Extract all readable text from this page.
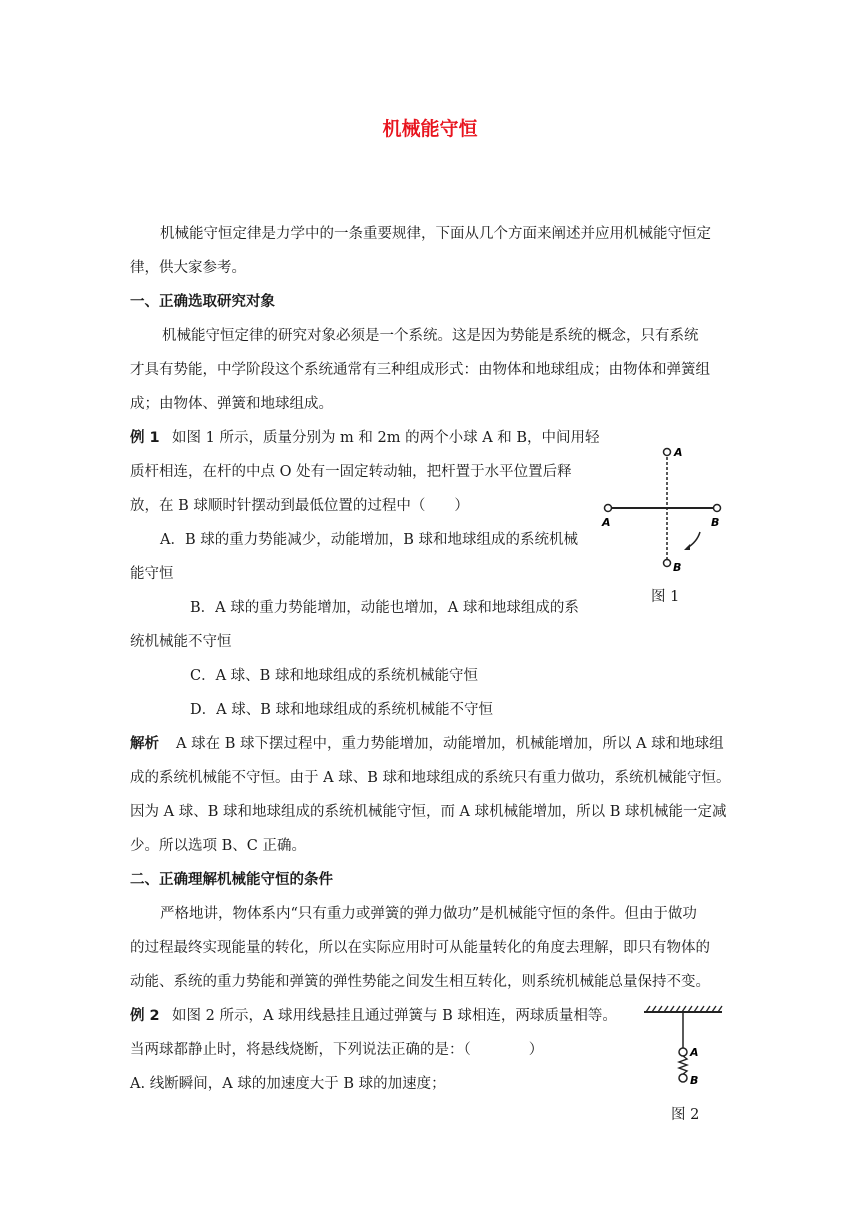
机械能守恒
机械能守恒定律是力学中的一条重要规律，下面从几个方面来阐述并应用机械能守恒定
律，供大家参考。
一、正确选取研究对象
机械能守恒定律的研究对象必须是一个系统。这是因为势能是系统的概念，只有系统
才具有势能，中学阶段这个系统通常有三种组成形式：由物体和地球组成；由物体和弹簧组
成；由物体、弹簧和地球组成。
例 1 如图 1 所示，质量分别为 m 和 2m 的两个小球 A 和 B，中间用轻
质杆相连，在杆的中点 O 处有一固定转动轴，把杆置于水平位置后释
放，在 B 球顺时针摆动到最低位置的过程中（　　）
A．B 球的重力势能减少，动能增加，B 球和地球组成的系统机械
能守恒
B．A 球的重力势能增加，动能也增加，A 球和地球组成的系
统机械能不守恒
C．A 球、B 球和地球组成的系统机械能守恒
D．A 球、B 球和地球组成的系统机械能不守恒
A
A	B
B
图 1
解析 A 球在 B 球下摆过程中，重力势能增加，动能增加，机械能增加，所以 A 球和地球组
成的系统机械能不守恒。由于 A 球、B 球和地球组成的系统只有重力做功，系统机械能守恒。
因为 A 球、B 球和地球组成的系统机械能守恒，而 A 球机械能增加，所以 B 球机械能一定减
少。所以选项 B、C 正确。
二、正确理解机械能守恒的条件
严格地讲，物体系内“只有重力或弹簧的弹力做功”是机械能守恒的条件。但由于做功
的过程最终实现能量的转化，所以在实际应用时可从能量转化的角度去理解，即只有物体的
动能、系统的重力势能和弹簧的弹性势能之间发生相互转化，则系统机械能总量保持不变。
例 2 如图 2 所示，A 球用线悬挂且通过弹簧与 B 球相连，两球质量相等。
当两球都静止时，将悬线烧断，下列说法正确的是：（　　　　）
A. 线断瞬间，A 球的加速度大于 B 球的加速度；
A
B
图 2
